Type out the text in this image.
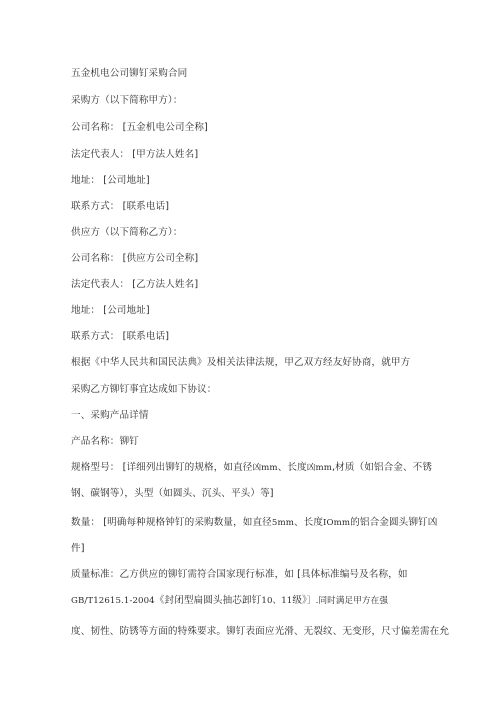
五金机电公司铆钉采购合同
采购方（以下简称甲方）：
公司名称： [五金机电公司全称]
法定代表人： [甲方法人姓名]
地址： [公司地址]
联系方式： [联系电话]
供应方（以下简称乙方）：
公司名称： [供应方公司全称]
法定代表人： [乙方法人姓名]
地址： [公司地址]
联系方式： [联系电话]
根据《中华人民共和国民法典》及相关法律法规，甲乙双方经友好协商，就甲方
采购乙方铆钉事宜达成如下协议：
一、采购产品详情
产品名称：铆钉
规格型号： [详细列出铆钉的规格，如直径凶mm、长度凶mm,材质（如铝合金、不锈
钢、碳钢等），头型（如圆头、沉头、平头）等]
数量： [明确每种规格钟钉的采购数量，如直径5mm、长度IOmm的铝合金圆头铆钉凶
件]
质量标准：乙方供应的铆钉需符合国家现行标准，如 [具体标准编号及名称，如
GB/T12615.1-2004《封闭型扁圆头抽芯卸钉10、11级》］.同时满足甲方在强
度、韧性、防锈等方面的特殊要求。铆钉表面应光滑、无裂纹、无变形，尺寸偏差需在允
